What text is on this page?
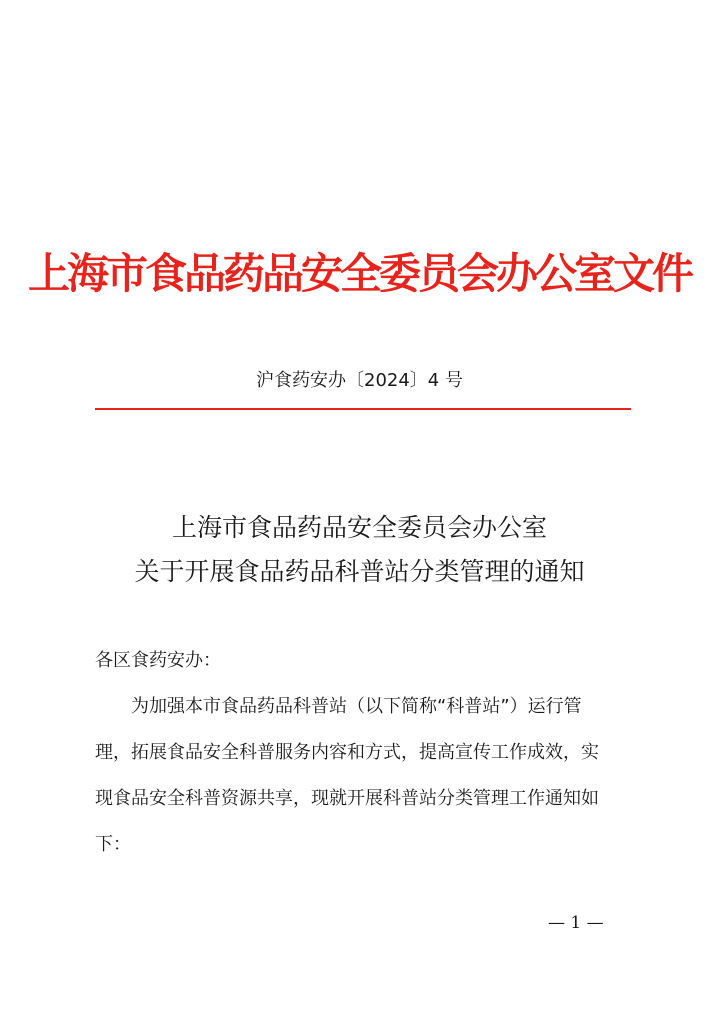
上海市食品药品安全委员会办公室文件
沪食药安办〔2024〕4 号
上海市食品药品安全委员会办公室
关于开展食品药品科普站分类管理的通知
各区食药安办：
为加强本市食品药品科普站（以下简称“科普站”）运行管
理，拓展食品安全科普服务内容和方式，提高宣传工作成效，实
现食品安全科普资源共享，现就开展科普站分类管理工作通知如
下：
— 1 —
